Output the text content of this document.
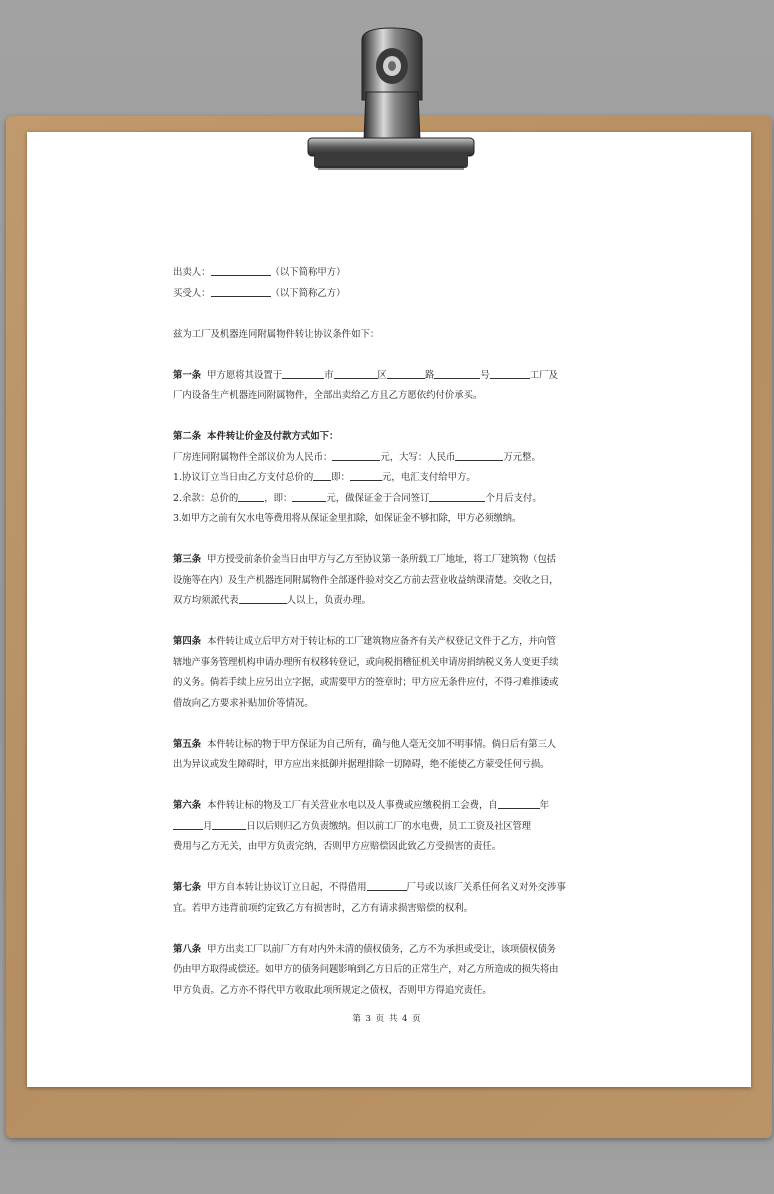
出卖人：	（以下简称甲方）
买受人：	（以下简称乙方）
兹为工厂及机器连同附属物件转让协议条件如下：
第一条 甲方愿将其设置于	市	区	路	号	工厂及
厂内设备生产机器连同附属物件，全部出卖给乙方且乙方愿依约付价承买。
第二条 本件转让价金及付款方式如下：
厂房连同附属物件全部议价为人民币：	元，大写：人民币	万元整。
1.协议订立当日由乙方支付总价的 即：	元，电汇支付给甲方。
2.余款：总价的	，即：	元，做保证金于合同签订	个月后支付。
3.如甲方之前有欠水电等费用将从保证金里扣除，如保证金不够扣除，甲方必须缴纳。
第三条 甲方授受前条价金当日由甲方与乙方至协议第一条所载工厂地址，将工厂建筑物（包括
设施等在内）及生产机器连同附属物件全部逐件验对交乙方前去营业收益纳课清楚。交收之日，
双方均须派代表	人以上，负责办理。
第四条 本件转让成立后甲方对于转让标的工厂建筑物应备齐有关产权登记文件于乙方，并向管
辖地产事务管理机构申请办理所有权移转登记，或向税捐稽征机关申请房捐纳税义务人变更手续
的义务。倘若手续上应另出立字据，或需要甲方的签章时；甲方应无条件应付，不得刁难推诿或
借故向乙方要求补贴加价等情况。
第五条 本件转让标的物于甲方保证为自己所有，确与他人毫无交加不明事情。倘日后有第三人
出为异议或发生障碍时，甲方应出来抵御并据理排除一切障碍，绝不能使乙方蒙受任何亏损。
第六条 本件转让标的物及工厂有关营业水电以及人事费或应缴税捐工会费，自	年
月	日以后则归乙方负责缴纳。但以前工厂的水电费，员工工资及社区管理
费用与乙方无关，由甲方负责完纳，否则甲方应赔偿因此致乙方受损害的责任。
第七条 甲方自本转让协议订立日起，不得借用	厂号或以该厂关系任何名义对外交涉事
宜。若甲方违背前项约定致乙方有损害时，乙方有请求损害赔偿的权利。
第八条 甲方出卖工厂以前厂方有对内外未清的债权债务，乙方不为承担或受让，该项债权债务
仍由甲方取得或偿还。如甲方的债务问题影响到乙方日后的正常生产，对乙方所造成的损失将由
甲方负责。乙方亦不得代甲方收取此项所规定之债权，否则甲方得追究责任。
第 3 页 共 4 页
